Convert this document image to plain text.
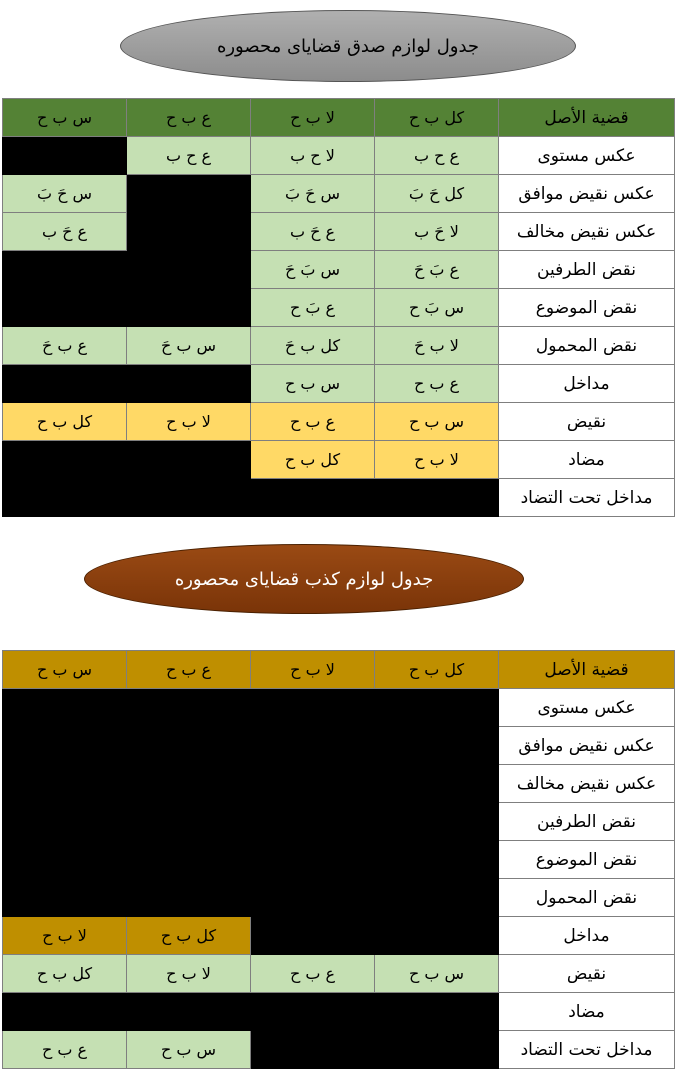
جدول لوازم صدق قضایای محصوره
س ب ح	ع ب ح	لا ب ح	كل ب ح	قضية الأصل
	ع ح ب	لا ح ب	ع ح ب	عكس مستوى
س حَ بَ		س حَ بَ	كل حَ بَ	عكس نقيض موافق
ع حَ ب		ع حَ ب	لا حَ ب	عكس نقيض مخالف
		س بَ حَ	ع بَ حَ	نقض الطرفين
		ع بَ ح	س بَ ح	نقض الموضوع
ع ب حَ	س ب حَ	كل ب حَ	لا ب حَ	نقض المحمول
		س ب ح	ع ب ح	مداخل
كل ب ح	لا ب ح	ع ب ح	س ب ح	نقيض
		كل ب ح	لا ب ح	مضاد
				مداخل تحت التضاد
جدول لوازم کذب قضایای محصوره
س ب ح	ع ب ح	لا ب ح	كل ب ح	قضية الأصل
				عكس مستوى
				عكس نقيض موافق
				عكس نقيض مخالف
				نقض الطرفين
				نقض الموضوع
				نقض المحمول
لا ب ح	كل ب ح			مداخل
كل ب ح	لا ب ح	ع ب ح	س ب ح	نقيض
				مضاد
ع ب ح	س ب ح			مداخل تحت التضاد
